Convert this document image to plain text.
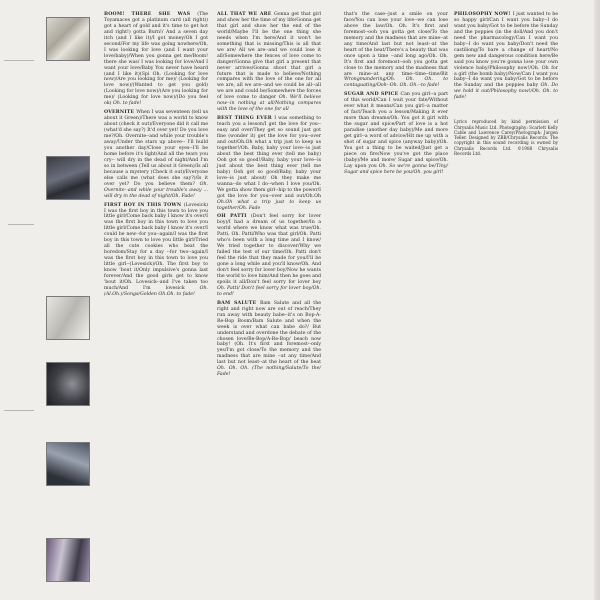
BOOM! THERE SHE WAS (The Toyamaces got a platinum card (all right)) got a heart of gold and it's time to get hot and right!) gotta Burn!/ And a seven day itch (and I like it)/I got money/Oh I got second/For my life was going nowhere/Oh, I was looking for love (and I want your love/baby)/When you gonna get me/Boom! there she was/ I was looking for love/And I want your love/Baby You never have heard (and I like it)(Spi Oh. (Looking for love now)/Are you looking for me)/ (Looking for love now)/(Wanted to get you gold) (Looking for love now)/(Are you looking for me)/ (Looking for love now)/(Do you feel ok) Oh. to fade!

OVERNITE When I was seventeen (tell us about it Green)/There was a world to know about (check it out)/Everyone did it call me (what'd she say?) It'd over yet! Do you love me?/Oh. Overnite--and while your trouble's away/Under the stars up above-- I'll build you another day/Close your eyes--I'll be home before it's light/And all the tears you cry-- will dry in the dead of night/And I'm so in between (Tell us about it Green)/Is all because a mystery (Check it out)/Everyone else calls me (what does she say?)/Is it over yet? Do you believe them? Oh. Overnite--and while your trouble's away ... will dry in the dead of night/Oh. Fade!

FIRST BOY IN THIS TOWN (Lovesick) I was the first boy in this town to love you little girl/Come back baby I know it's over/I was the first boy in this town to love you little girl/Come back baby I know it's over/I could be new--for you--again/I was the first boy in this town to love you little girl/Tried all the cute cookies who beat the boredom/Stay for a day --for two--again/I was the first boy in this town to love you little girl--(Lovesick)/Oh. The first boy to know 'bout it/Only impulsive's gonna last forever/And the good girls get to know 'bout it/Oh. Lovesick--and I've taken too much/And I'm lovesick	Oh. (Al.Oh.)/Songs/Golden Oh.Oh. to fade!

ALL THAT WE ARE Gonna get that girl and show her the time of my life/Gonna get that girl and show her the end of the world/Maybe I'll be the one thing she needs when I'm here/And it won't be something that is missing/This is all that we are/ All we are--and we could lose it all/Somewhere the fences of love come to danger/Gonna give that girl a present that never arrives/Gonna shoot that girl a future that is made to believe/Nothing compares with the love of the one for all we are, all we are--and we could be all--all we are and could be/Somewhere the forces of love come to danger Oh. We'll believe now--in nothing at all/Nothing compares with the love of the one for all

BEST THING EVER I was something to teach you a lesson/I get the love for you--easy and over/They get so sound just got fine (wonder it) get the love for you--over and out/Oh.Oh what a trip just to keep us together!/Oh. Baby, baby your love--is just about the best thing ever (tell me baby) Ooh got so good!/Baby, baby your love--is just about the best thing ever (tell me baby) Ooh got so good/Baby, baby your love--is just about/ Oh they make me wanna--do what I do--when I love you/Oh. We gotta show them girl--hip to the power/I got the love for you--over and out/Oh.Oh Oh.Oh what a trip just to keep us together/Oh. Fade

OH PATTI (Don't feel sorry for lover boy)/I had a dream of us together/In a world where we know what was true/Oh. Patti, Oh. Patti/Who was that girl/Oh. Patti who's been with a long time and I know/ We tried together to discover/Why we failed the test of our time/Oh. Patti don't feel the ride that they made for you/I'll be gone a long while and you'll know/Oh. And don't feel sorry for lover boy/Now he wants the world to love him/And then he goes and spoils it all/Don't feel sorry for lover boy Oh. Patti/ Don't feel sorry for lover boy/Oh. to end!

BAM SALUTE Bam Salute and all the right and right now are out of reach/They run away with beauty babe--it's on Bop-A-Re-Bop Boom/Bam Salute and when the week is over what can babe do?/ But understand and overdone the debate of the chosen love/Be-Bop/A-Re-Bop/ beach now baby! (Oh. It's first and foremost--only yes/I'm got close/To the memory and the madness that are mine --at any time/And last but not least--at the heart of the beat Oh. Oh. Oh. (The nothing/Salute/To the/ Fade!

that's the case--just a smile on your face/You can lose your love--we can lose above the law/Oh. Oh. It's first and foremost--ooh you gotta get close/To the memory and the madness that are mine--at any time/And last but not least--at the heart of the beat/There's a beauty that was once upon a time --and long ago/Oh. Oh. It's first and foremost--ooh you gotta get close to the memory and the madness that are mine--at any time--time--time/Bit Wrongmandering/Oh. Oh. Oh. to contaguating/Ooh--Oh. Oh. Oh.--to fade!

SUGAR AND SPICE Can you girl--a part of this world/Can I wait your fate/Without ever what it means/Can you girl--a matter of fact/Teach you a lesson/Making it ever more than dreams/Oh. You got it girl with the sugar and spice/Part of love is a hot paradise (another day baby)/Me and more get girl--a word of advice/Hit me up with a shot of sugar and spice (anyway baby)/Oh. You got a thing to be waited/Just get a piece on fire/Now you've got the place (baby)/Me and more/ Sugar and spice/Oh. Lay upon you Oh. So we're gonna be/Tiny/ Sugar and spice here be you/Oh. you girl!

PHILOSOPHY NOW! I just wanted to be so happy girl/Can I want you baby--I do want you baby/Got to be before the Sunday and the poppies (in the doll/And you don't need the pharmacology/Can I want you baby--I do want you baby/Don't need the castiliong/To bare a change of heart/No gem new and dangerous condition here/Be said you know you're gonna lose your own violence baby/Philosophy now!/Oh. Oh for a girl (the bomb baby)/Now/Can I want you baby--I do want you baby/Got to be before the Sunday and the poppies baby Oh. Do we hold it out/Philosophy now!/Oh. Oh. to fade!

Lyrics reproduced by kind permission of Chrysalis Music Ltd. Photography: Scarlett Kelly Cable and Lawrence Carey/Photograph: Jurgen Teller. Designed by ZBB/Chrysalis Records. The copyright in this sound recording is owned by Chrysalis Records Ltd. ©1988 Chrysalis Records Ltd.
